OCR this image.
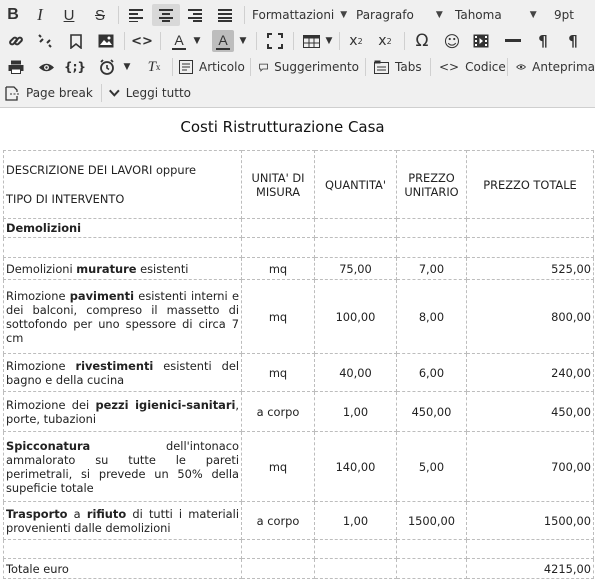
B	I	U S	Formattazioni ▼ Paragrafo ▼ Tahoma	▼ 9pt
<> A ▼ A ▼	▼	x 2	x 2 Ω ☺	¶	¶
{;}	▼	T x	Articolo Suggerimento	Tabs <> Codice Anteprima
Page break	Leggi tutto
Costi Ristrutturazione Casa
DESCRIZIONE DEI LAVORI oppure
TIPO DI INTERVENTO	UNITA' DI MISURA	QUANTITA'	PREZZO UNITARIO	PREZZO TOTALE
Demolizioni				

Demolizioni murature esistenti	mq	75,00	7,00	525,00
Rimozione pavimenti esistenti interni e dei balconi, compreso il massetto di sottofondo per uno spessore di circa 7 cm	mq	100,00	8,00	800,00
Rimozione rivestimenti esistenti del bagno e della cucina	mq	40,00	6,00	240,00
Rimozione dei pezzi igienici-sanitari, porte, tubazioni	a corpo	1,00	450,00	450,00
Spicconatura dell'intonaco ammalorato su tutte le pareti perimetrali, si prevede un 50% della supeficie totale	mq	140,00	5,00	700,00
Trasporto a rifiuto di tutti i materiali provenienti dalle demolizioni	a corpo	1,00	1500,00	1500,00

Totale euro				4215,00
